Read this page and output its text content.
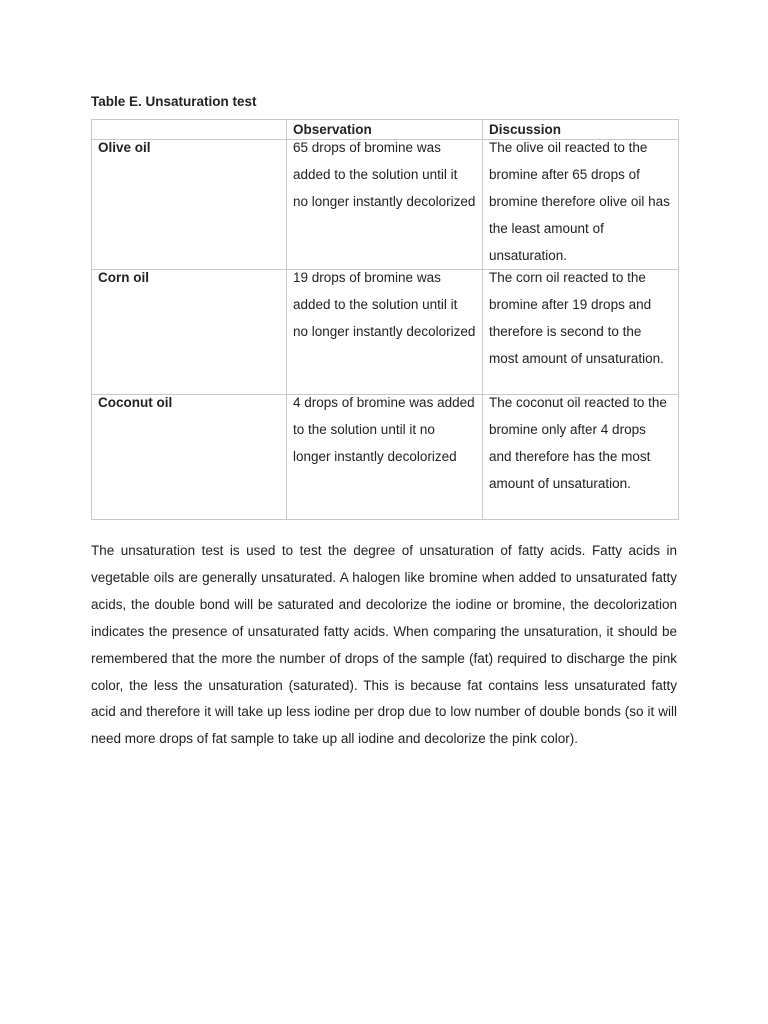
Table E. Unsaturation test

	Observation	Discussion

Olive oil	65 drops of bromine was added to the solution until it no longer instantly decolorized	The olive oil reacted to the bromine after 65 drops of bromine therefore olive oil has the least amount of unsaturation.

Corn oil	19 drops of bromine was added to the solution until it no longer instantly decolorized	The corn oil reacted to the bromine after 19 drops and therefore is second to the most amount of unsaturation.

Coconut oil	4 drops of bromine was added to the solution until it no longer instantly decolorized	The coconut oil reacted to the bromine only after 4 drops and therefore has the most amount of unsaturation.

The unsaturation test is used to test the degree of unsaturation of fatty acids. Fatty acids in vegetable oils are generally unsaturated. A halogen like bromine when added to unsaturated fatty acids, the double bond will be saturated and decolorize the iodine or bromine, the decolorization indicates the presence of unsaturated fatty acids. When comparing the unsaturation, it should be remembered that the more the number of drops of the sample (fat) required to discharge the pink color, the less the unsaturation (saturated). This is because fat contains less unsaturated fatty acid and therefore it will take up less iodine per drop due to low number of double bonds (so it will need more drops of fat sample to take up all iodine and decolorize the pink color).
